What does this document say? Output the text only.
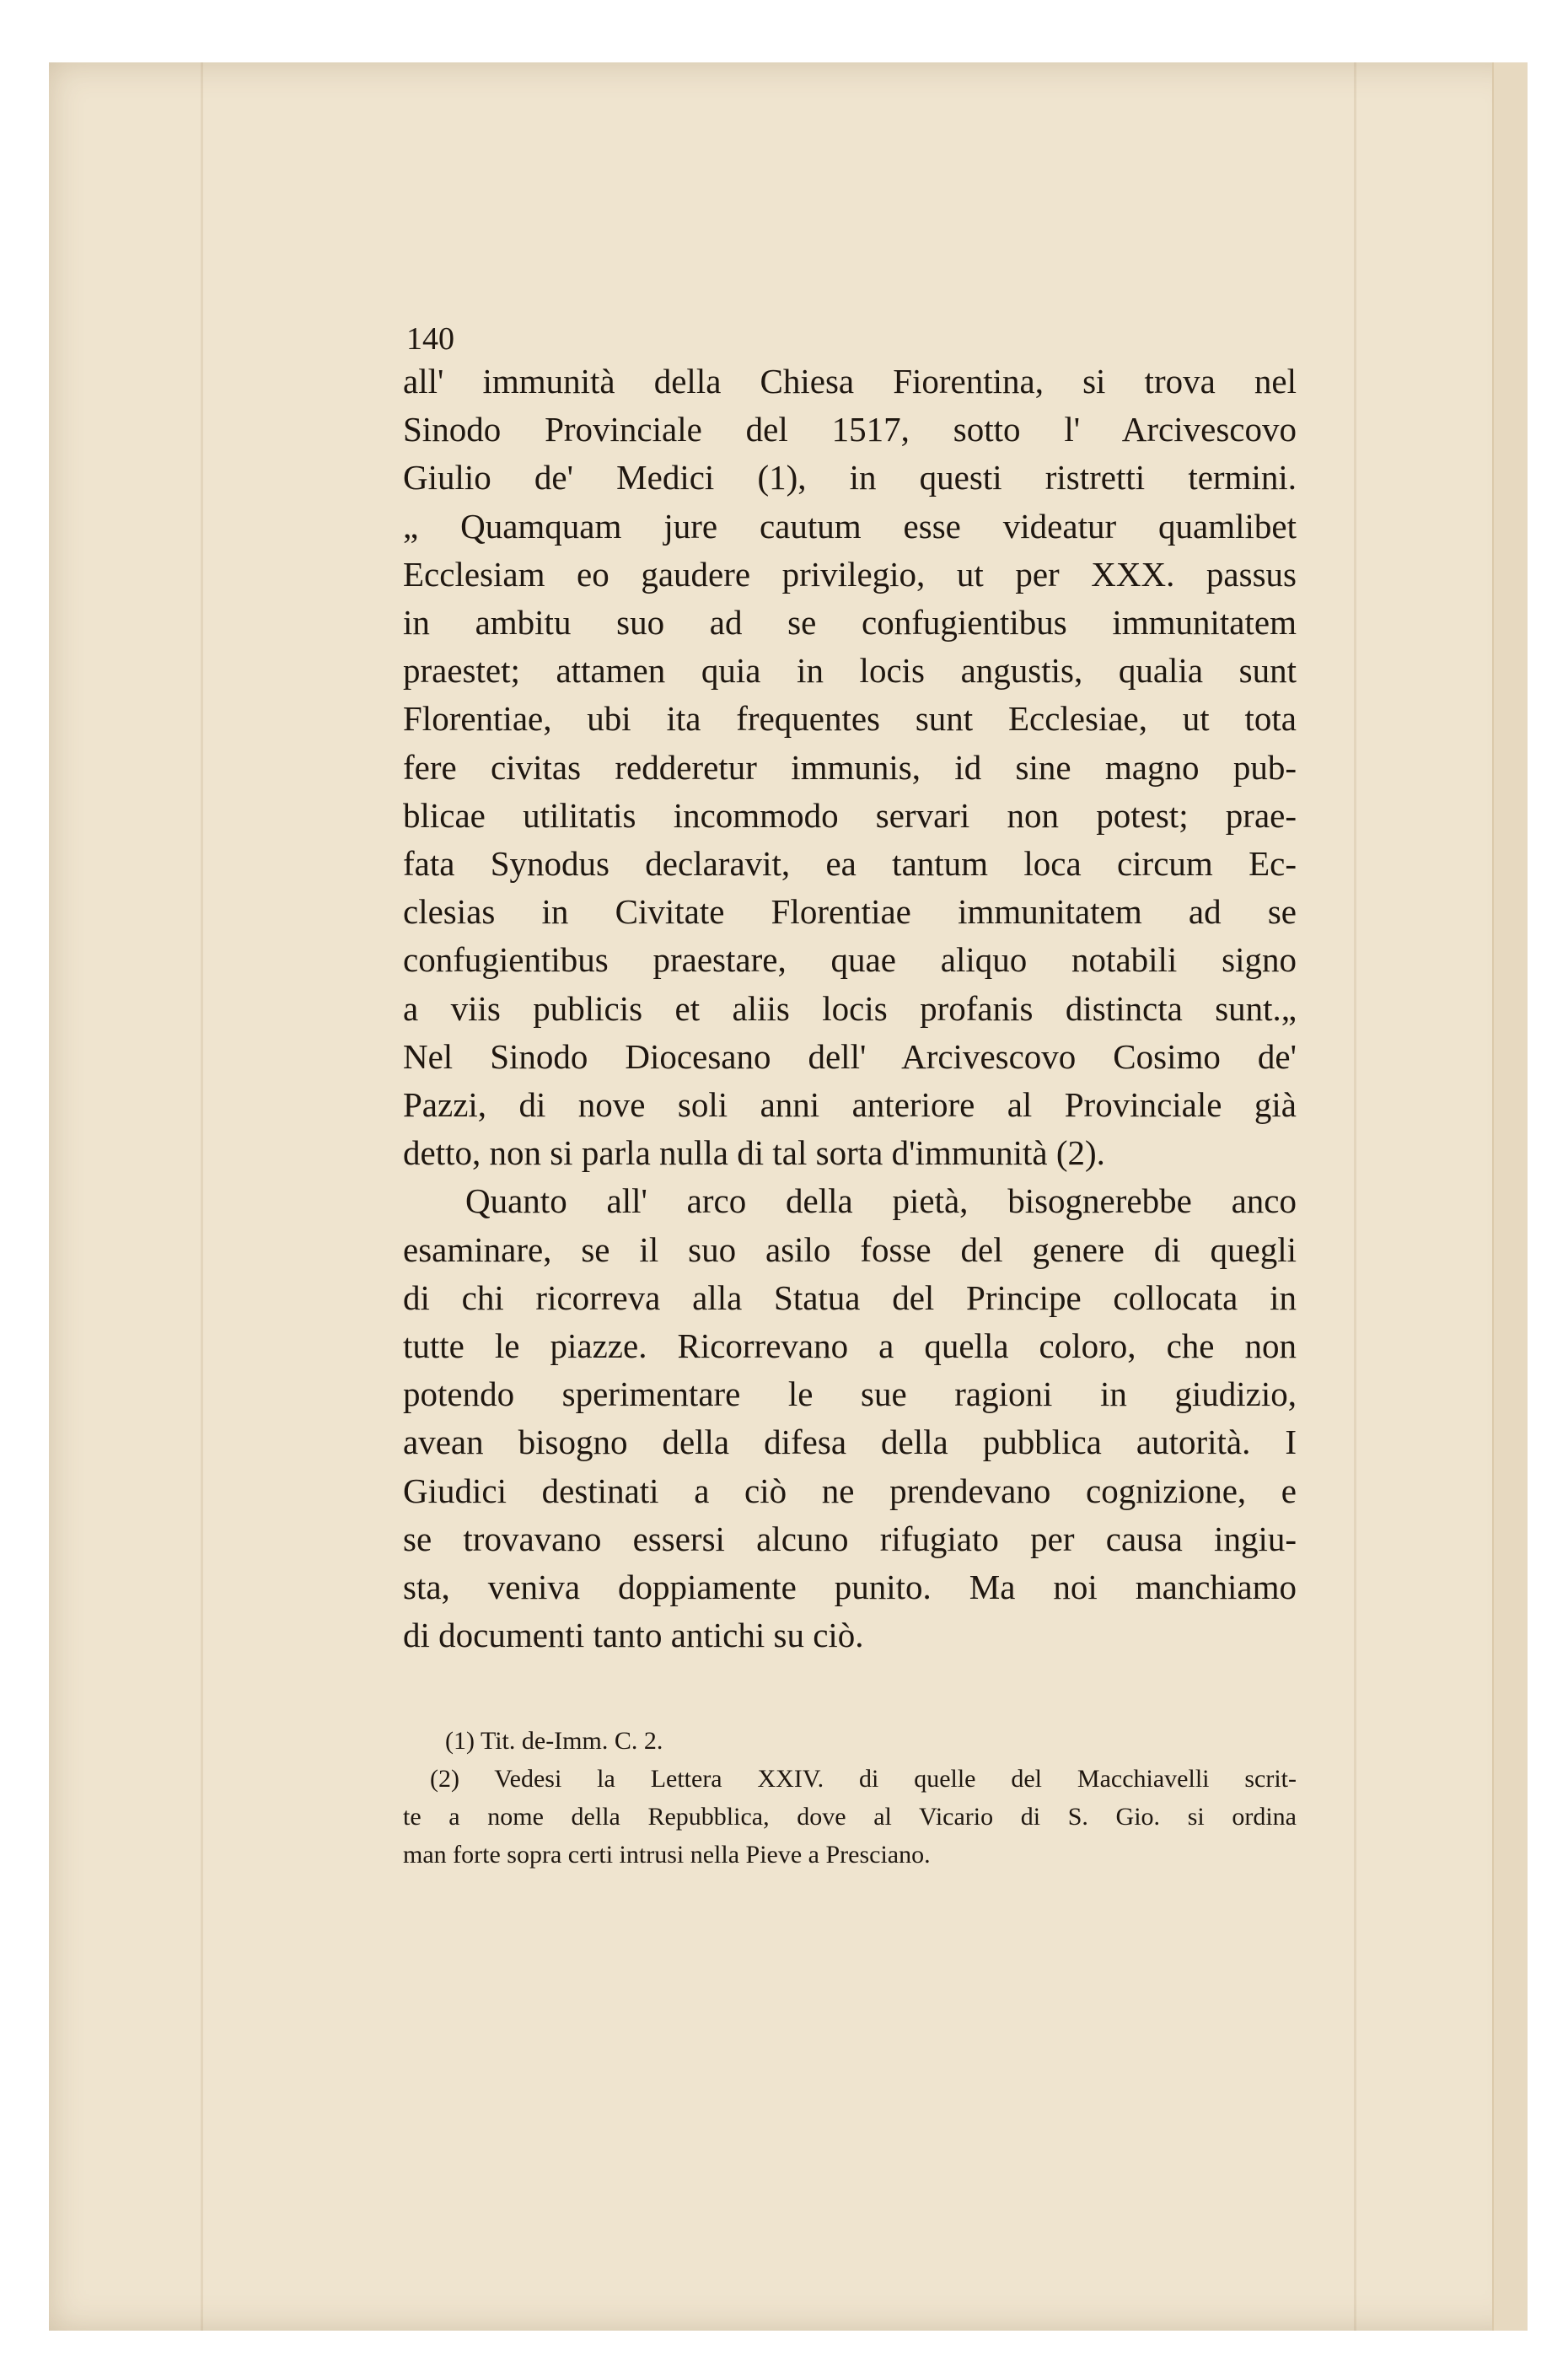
140
all' immunità della Chiesa Fiorentina, si trova nel
Sinodo Provinciale del 1517, sotto l' Arcivescovo
Giulio de' Medici (1), in questi ristretti termini.
„ Quamquam jure cautum esse videatur quamlibet
Ecclesiam eo gaudere privilegio, ut per XXX. passus
in ambitu suo ad se confugientibus immunitatem
praestet; attamen quia in locis angustis, qualia sunt
Florentiae, ubi ita frequentes sunt Ecclesiae, ut tota
fere civitas redderetur immunis, id sine magno pub-
blicae utilitatis incommodo servari non potest; prae-
fata Synodus declaravit, ea tantum loca circum Ec-
clesias in Civitate Florentiae immunitatem ad se
confugientibus praestare, quae aliquo notabili signo
a viis publicis et aliis locis profanis distincta sunt.„
Nel Sinodo Diocesano dell' Arcivescovo Cosimo de'
Pazzi, di nove soli anni anteriore al Provinciale già
detto, non si parla nulla di tal sorta d'immunità (2).
Quanto all' arco della pietà, bisognerebbe anco
esaminare, se il suo asilo fosse del genere di quegli
di chi ricorreva alla Statua del Principe collocata in
tutte le piazze. Ricorrevano a quella coloro, che non
potendo sperimentare le sue ragioni in giudizio,
avean bisogno della difesa della pubblica autorità. I
Giudici destinati a ciò ne prendevano cognizione, e
se trovavano essersi alcuno rifugiato per causa ingiu-
sta, veniva doppiamente punito. Ma noi manchiamo
di documenti tanto antichi su ciò.
(1) Tit. de-Imm. C. 2.
(2) Vedesi la Lettera XXIV. di quelle del Macchiavelli scrit-
te a nome della Repubblica, dove al Vicario di S. Gio. si ordina
man forte sopra certi intrusi nella Pieve a Presciano.
